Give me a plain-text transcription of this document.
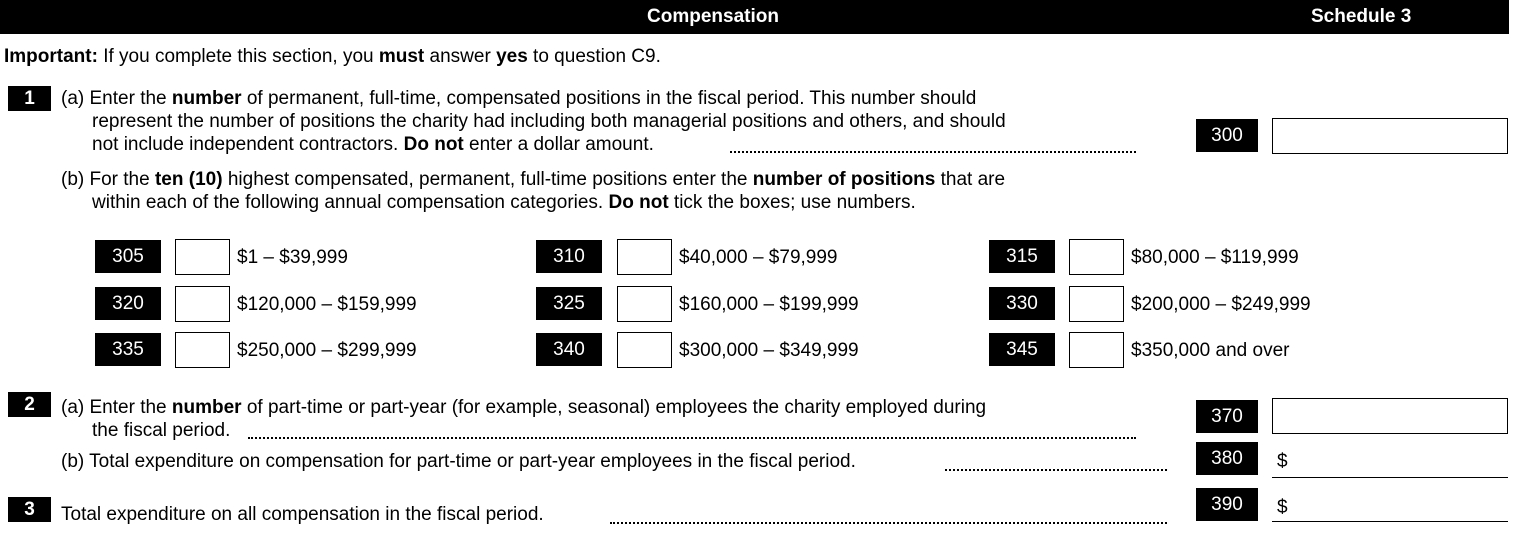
Compensation	Schedule 3
Important: If you complete this section, you must answer yes to question C9.
1	(a) Enter the number of permanent, full-time, compensated positions in the fiscal period. This number should
represent the number of positions the charity had including both managerial positions and others, and should
not include independent contractors. Do not enter a dollar amount.	300
(b) For the ten (10) highest compensated, permanent, full-time positions enter the number of positions that are
within each of the following annual compensation categories. Do not tick the boxes; use numbers.
305	$1 – $39,999	310	$40,000 – $79,999	315	$80,000 – $119,999
320	$120,000 – $159,999	325	$160,000 – $199,999	330	$200,000 – $249,999
335	$250,000 – $299,999	340	$300,000 – $349,999	345	$350,000 and over
2	(a) Enter the number of part-time or part-year (for example, seasonal) employees the charity employed during
the fiscal period.
370
(b) Total expenditure on compensation for part-time or part-year employees in the fiscal period.	380	$
3	Total expenditure on all compensation in the fiscal period.	390	$
